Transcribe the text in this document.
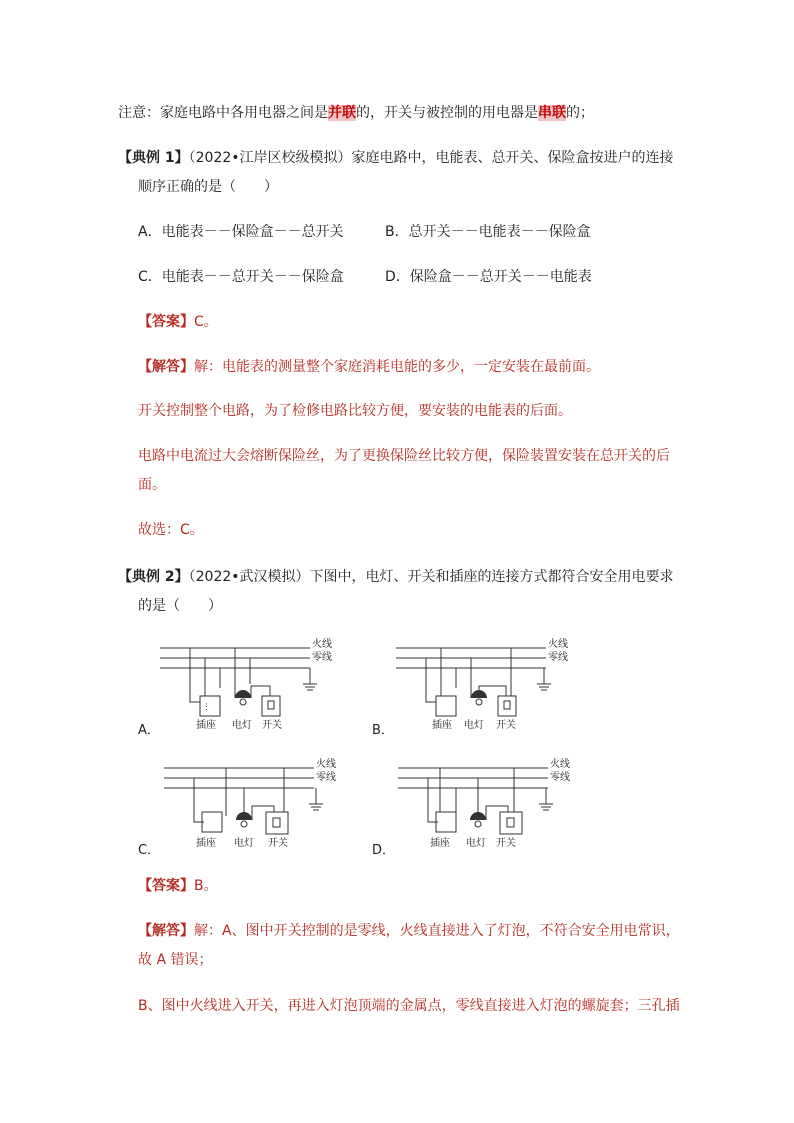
注意：家庭电路中各用电器之间是并联的，开关与被控制的用电器是串联的；
【典例 1】（2022•江岸区校级模拟）家庭电路中，电能表、总开关、保险盒按进户的连接
顺序正确的是（　　）
A．电能表－－保险盒－－总开关	B．总开关－－电能表－－保险盒
C．电能表－－总开关－－保险盒	D．保险盒－－总开关－－电能表
【答案】C。
【解答】解：电能表的测量整个家庭消耗电能的多少，一定安装在最前面。
开关控制整个电路，为了检修电路比较方便，要安装的电能表的后面。
电路中电流过大会熔断保险丝，为了更换保险丝比较方便，保险装置安装在总开关的后
面。
故选：C。
【典例 2】（2022•武汉模拟）下图中，电灯、开关和插座的连接方式都符合安全用电要求
的是（　　）
火线
零线
ⵗ
插座 电灯 开关
A．
火线
零线
插座 电灯 开关
B．
火线
零线
插座 电灯 开关
C．
火线
零线
插座 电灯 开关
D．
【答案】B。
【解答】解：A、图中开关控制的是零线，火线直接进入了灯泡，不符合安全用电常识，
故 A 错误；
B、图中火线进入开关，再进入灯泡顶端的金属点，零线直接进入灯泡的螺旋套；三孔插
